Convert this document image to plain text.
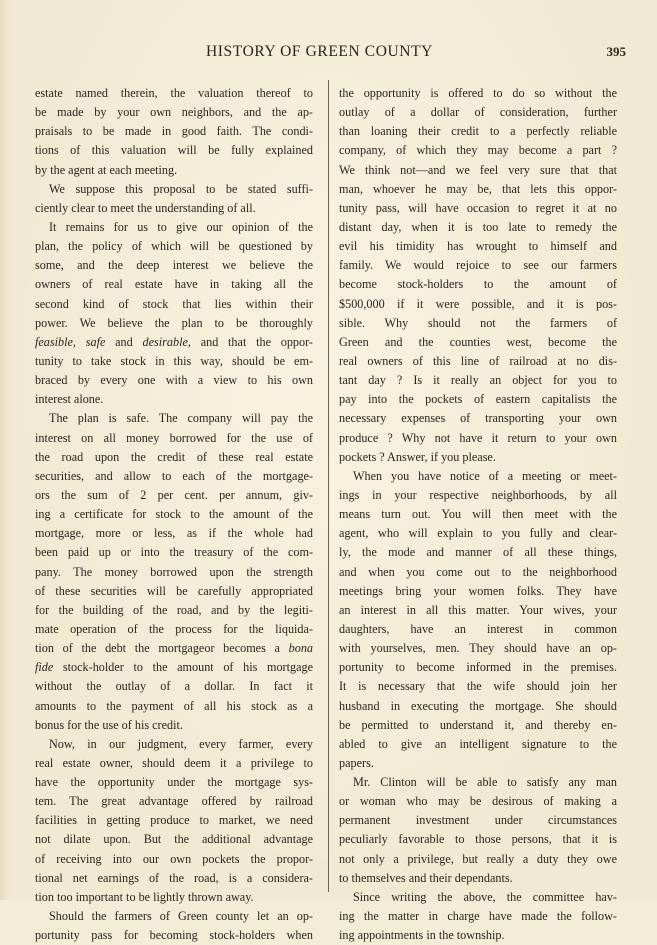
HISTORY OF GREEN COUNTY	395
estate named therein, the valuation thereof to
be made by your own neighbors, and the ap-
praisals to be made in good faith. The condi-
tions of this valuation will be fully explained
by the agent at each meeting.
We suppose this proposal to be stated suffi-
ciently clear to meet the understanding of all.
It remains for us to give our opinion of the
plan, the policy of which will be questioned by
some, and the deep interest we believe the
owners of real estate have in taking all the
second kind of stock that lies within their
power. We believe the plan to be thoroughly
feasible, safe and desirable, and that the oppor-
tunity to take stock in this way, should be em-
braced by every one with a view to his own
interest alone.
The plan is safe. The company will pay the
interest on all money borrowed for the use of
the road upon the credit of these real estate
securities, and allow to each of the mortgage-
ors the sum of 2 per cent. per annum, giv-
ing a certificate for stock to the amount of the
mortgage, more or less, as if the whole had
been paid up or into the treasury of the com-
pany. The money borrowed upon the strength
of these securities will be carefully appropriated
for the building of the road, and by the legiti-
mate operation of the process for the liquida-
tion of the debt the mortgageor becomes a bona
fide stock-holder to the amount of his mortgage
without the outlay of a dollar. In fact it
amounts to the payment of all his stock as a
bonus for the use of his credit.
Now, in our judgment, every farmer, every
real estate owner, should deem it a privilege to
have the opportunity under the mortgage sys-
tem. The great advantage offered by railroad
facilities in getting produce to market, we need
not dilate upon. But the additional advantage
of receiving into our own pockets the propor-
tional net earnings of the road, is a considera-
tion too important to be lightly thrown away.
Should the farmers of Green county let an op-
portunity pass for becoming stock-holders when
the opportunity is offered to do so without the
outlay of a dollar of consideration, further
than loaning their credit to a perfectly reliable
company, of which they may become a part ?
We think not—and we feel very sure that that
man, whoever he may be, that lets this oppor-
tunity pass, will have occasion to regret it at no
distant day, when it is too late to remedy the
evil his timidity has wrought to himself and
family. We would rejoice to see our farmers
become stock-holders to the amount of
$500,000 if it were possible, and it is pos-
sible. Why should not the farmers of
Green and the counties west, become the
real owners of this line of railroad at no dis-
tant day ? Is it really an object for you to
pay into the pockets of eastern capitalists the
necessary expenses of transporting your own
produce ? Why not have it return to your own
pockets ? Answer, if you please.
When you have notice of a meeting or meet-
ings in your respective neighborhoods, by all
means turn out. You will then meet with the
agent, who will explain to you fully and clear-
ly, the mode and manner of all these things,
and when you come out to the neighborhood
meetings bring your women folks. They have
an interest in all this matter. Your wives, your
daughters, have an interest in common
with yourselves, men. They should have an op-
portunity to become informed in the premises.
It is necessary that the wife should join her
husband in executing the mortgage. She should
be permitted to understand it, and thereby en-
abled to give an intelligent signature to the
papers.
Mr. Clinton will be able to satisfy any man
or woman who may be desirous of making a
permanent investment under circumstances
peculiarly favorable to those persons, that it is
not only a privilege, but really a duty they owe
to themselves and their dependants.
Since writing the above, the committee hav-
ing the matter in charge have made the follow-
ing appointments in the township.
